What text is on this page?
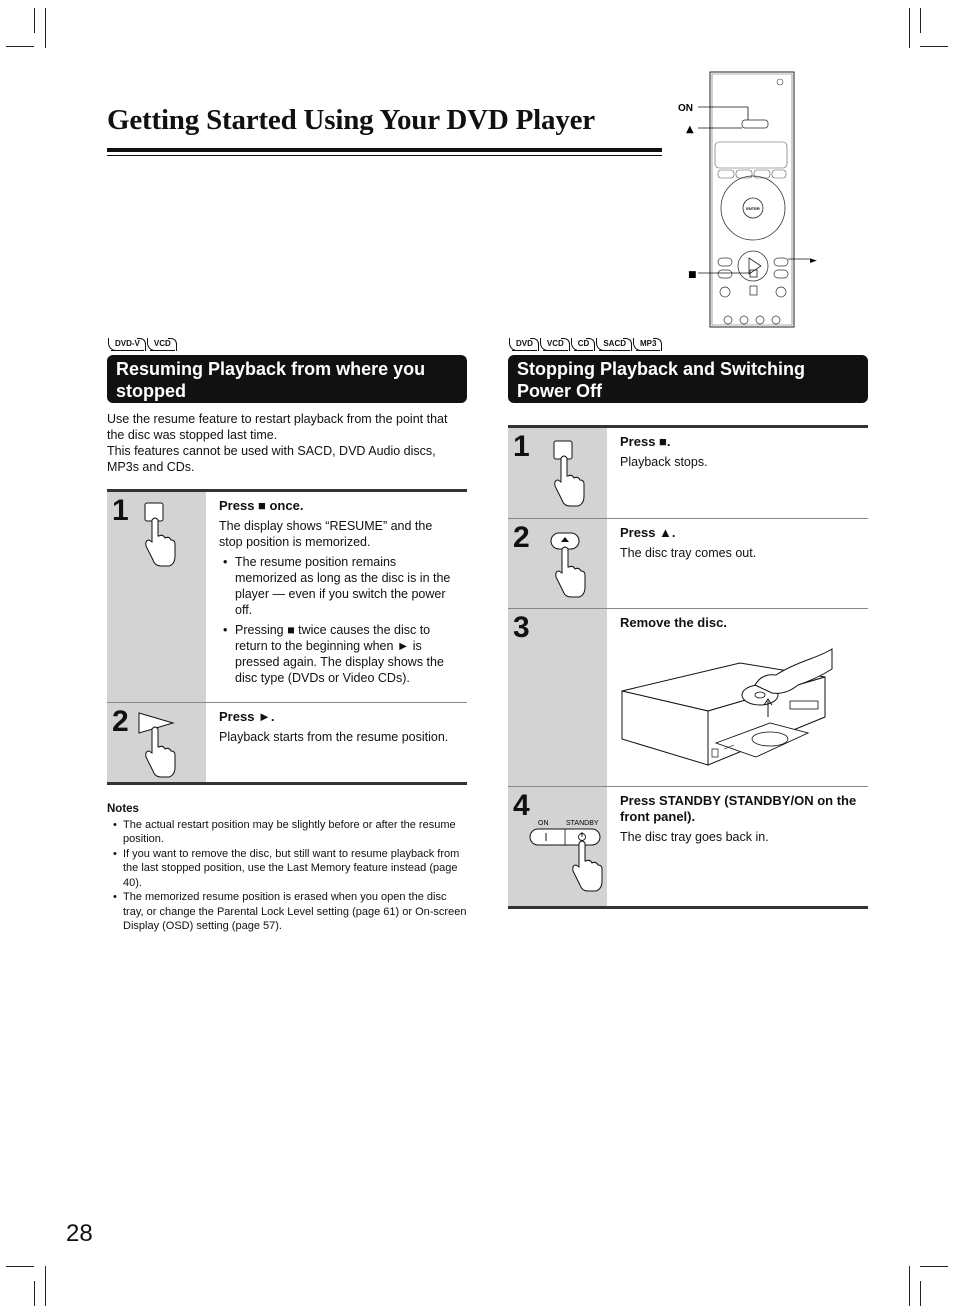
Getting Started Using Your DVD Player
ENTER
ON
▲
■
►
DVD-V	VCD
Resuming Playback from where you stopped

Use the resume feature to restart playback from the point that the disc was stopped last time.

This features cannot be used with SACD, DVD Audio discs, MP3s and CDs.

1	Press ■ once.
The display shows “RESUME” and the stop position is memorized.
• The resume position remains memorized as long as the disc is in the player — even if you switch the power off.
• Pressing ■ twice causes the disc to return to the beginning when ► is pressed again. The display shows the disc type (DVDs or Video CDs).
2	Press ►.
Playback starts from the resume position.
Notes
• The actual restart position may be slightly before or after the resume position.
• If you want to remove the disc, but still want to resume playback from the last stopped position, use the Last Memory feature instead (page 40).
• The memorized resume position is erased when you open the disc tray, or change the Parental Lock Level setting (page 61) or On-screen Display (OSD) setting (page 57).
DVD	VCD	CD	SACD	MP3
Stopping Playback and Switching Power Off
1	Press ■.
Playback stops.
2	Press ▲.
The disc tray comes out.
3	Remove the disc.
4
ON	STANDBY
Press STANDBY (STANDBY/ON on the front panel).
The disc tray goes back in.
28
